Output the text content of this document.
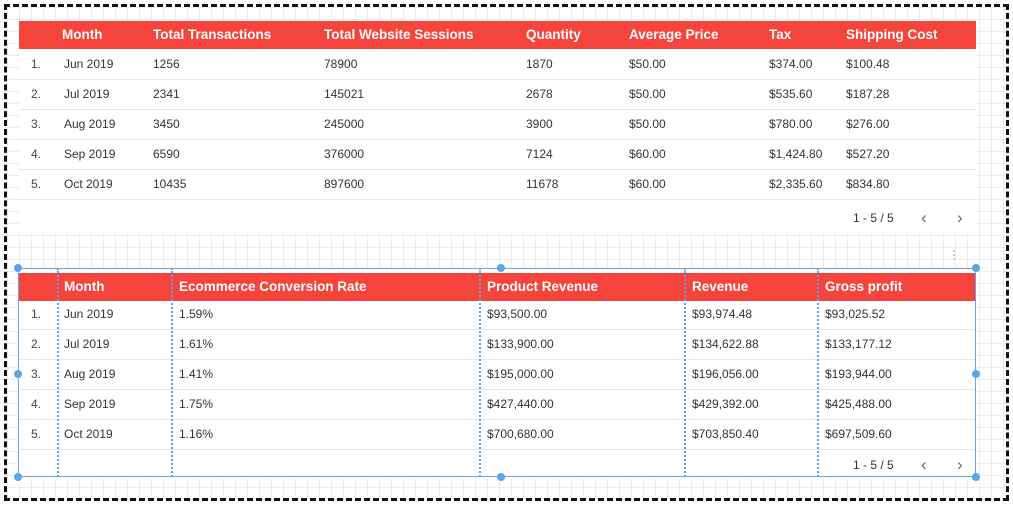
Month	Total Transactions	Total Website Sessions	Quantity	Average Price	Tax	Shipping Cost
1. Jun 2019	1256	78900	1870	$50.00	$374.00	$100.48
2. Jul 2019	2341	145021	2678	$50.00	$535.60	$187.28
3. Aug 2019	3450	245000	3900	$50.00	$780.00	$276.00
4. Sep 2019	6590	376000	7124	$60.00	$1,424.80 $527.20
5. Oct 2019	10435	897600	11678	$60.00	$2,335.60 $834.80
1 - 5 / 5 ‹ ›
Month	Ecommerce Conversion Rate	Product Revenue	Revenue	Gross profit
1. Jun 2019	1.59%	$93,500.00	$93,974.48	$93,025.52
2. Jul 2019	1.61%	$133,900.00	$134,622.88	$133,177.12
3. Aug 2019	1.41%	$195,000.00	$196,056.00	$193,944.00
4. Sep 2019	1.75%	$427,440.00	$429,392.00	$425,488.00
5. Oct 2019	1.16%	$700,680.00	$703,850.40	$697,509.60
1 - 5 / 5 ‹ ›
